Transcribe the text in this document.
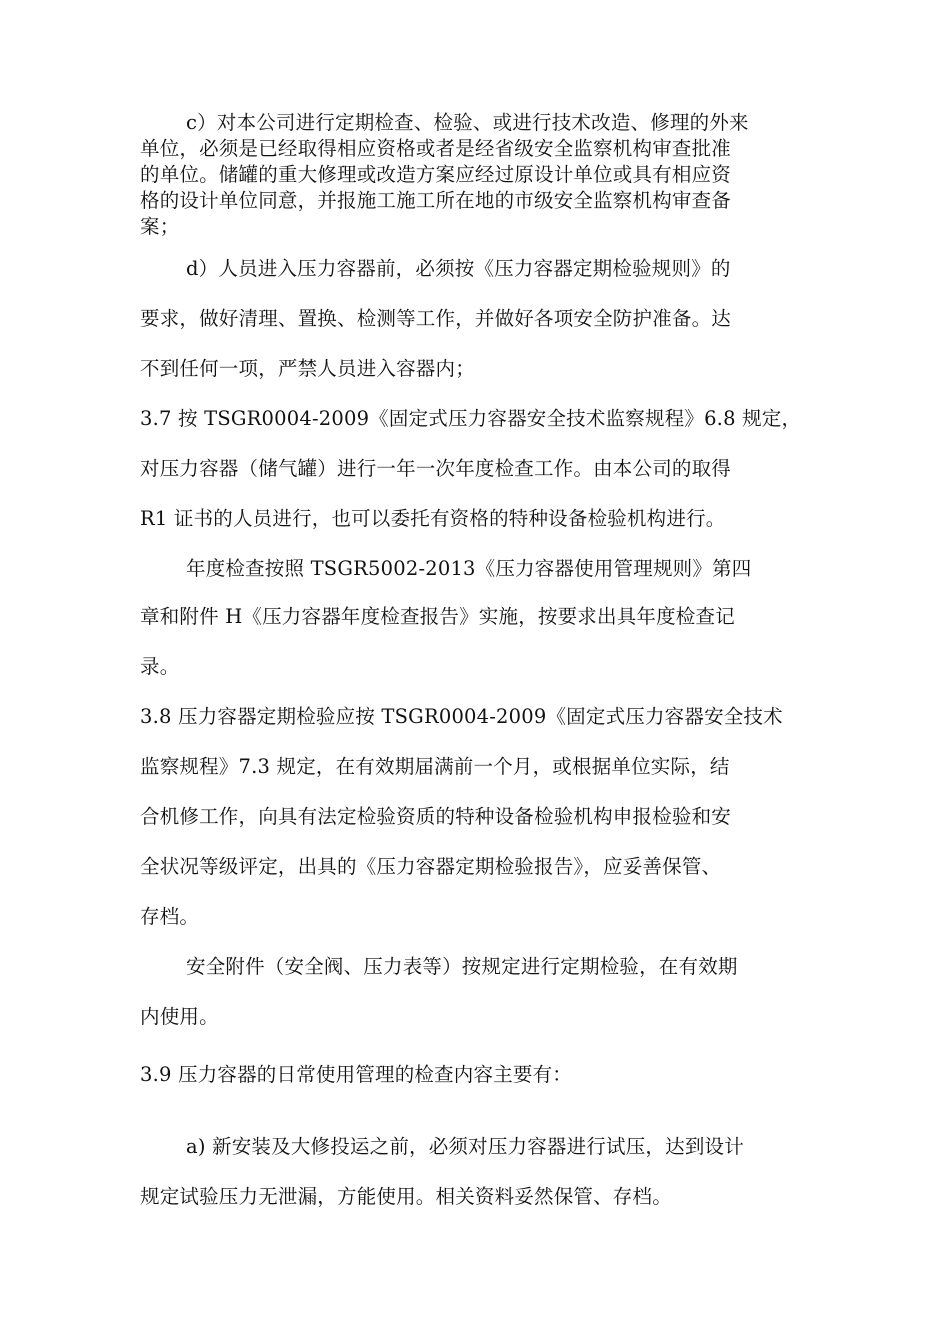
c）对本公司进行定期检查、检验、或进行技术改造、修理的外来
单位，必须是已经取得相应资格或者是经省级安全监察机构审查批准
的单位。储罐的重大修理或改造方案应经过原设计单位或具有相应资
格的设计单位同意，并报施工施工所在地的市级安全监察机构审查备
案；
d）人员进入压力容器前，必须按《压力容器定期检验规则》的
要求，做好清理、置换、检测等工作，并做好各项安全防护准备。达
不到任何一项，严禁人员进入容器内；
3.7 按 TSGR0004-2009《固定式压力容器安全技术监察规程》6.8 规定，
对压力容器（储气罐）进行一年一次年度检查工作。由本公司的取得
R1 证书的人员进行，也可以委托有资格的特种设备检验机构进行。
年度检查按照 TSGR5002-2013《压力容器使用管理规则》第四
章和附件 H《压力容器年度检查报告》实施，按要求出具年度检查记
录。
3.8 压力容器定期检验应按 TSGR0004-2009《固定式压力容器安全技术
监察规程》7.3 规定，在有效期届满前一个月，或根据单位实际，结
合机修工作，向具有法定检验资质的特种设备检验机构申报检验和安
全状况等级评定，出具的《压力容器定期检验报告》，应妥善保管、
存档。
安全附件（安全阀、压力表等）按规定进行定期检验，在有效期
内使用。
3.9 压力容器的日常使用管理的检查内容主要有：
a) 新安装及大修投运之前，必须对压力容器进行试压，达到设计
规定试验压力无泄漏，方能使用。相关资料妥然保管、存档。
